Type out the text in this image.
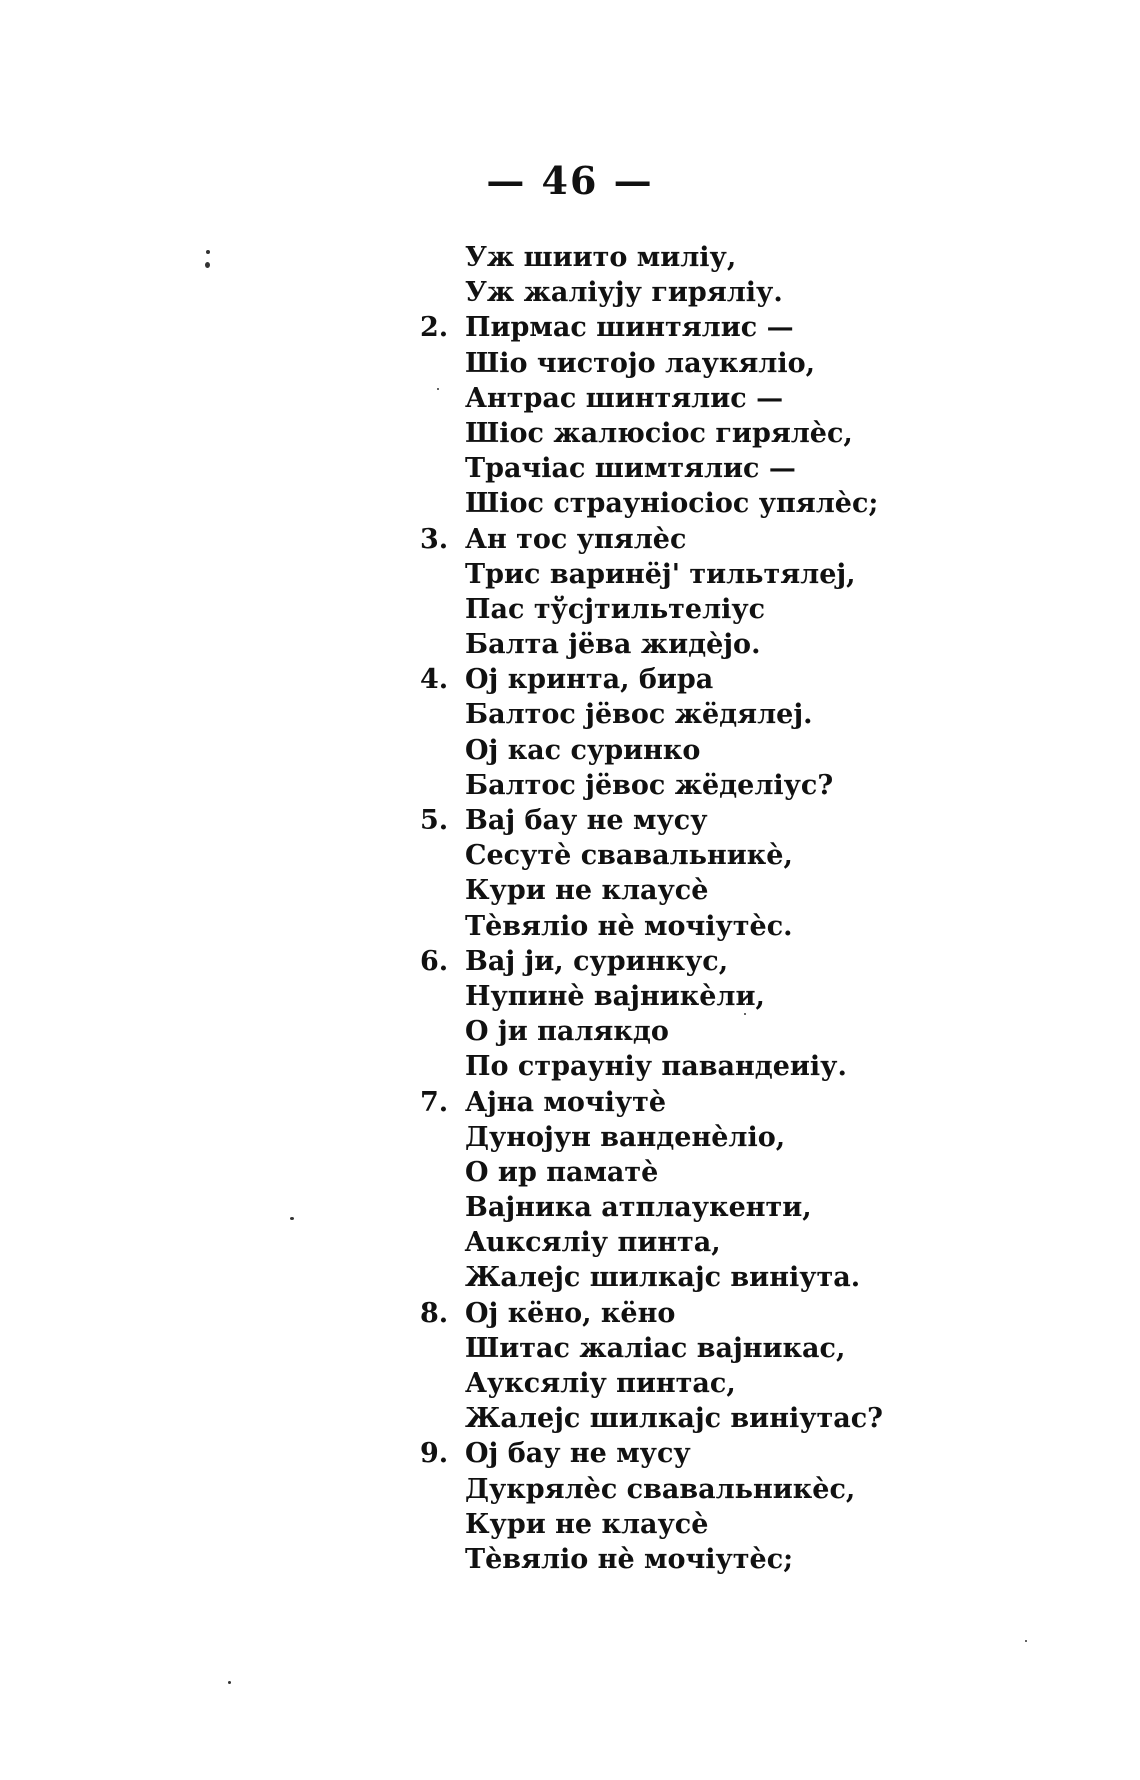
— 46 —
Уж шиито милiу,
Уж жалiуjу гирялiу.
2. Пирмас шинтялис —
Шiо чистоjо лаукялiо,
Антрас шинтялис —
Шiос жалюсiос гирялѐс,
Трачiас шимтялис —
Шiос страунiосiос упялѐс;
3. Ан тос упялѐс
Трис варинёj' тильтялеj,
Пас тўсjтильтелiус
Балта jёва жидѐjо.
4. Оj кринта, бира
Балтос jёвос жёдялеj.
Оj кас суринко
Балтос jёвос жёделiус?
5. Ваj бау не мусу
Сесутѐ свавальникѐ,
Кури не клаусѐ
Тѐвялiо нѐ мочiутѐс.
6. Ваj ји, суринкус,
Нупинѐ ваjникѐли,
О ји палякдо
По страунiу павандеиiу.
7. Аjна мочiутѐ
Дунојун ванденѐлiо,
О ир паматѐ
Ваjника атплаукенти,
Auксялiу пинта,
Жалеjс шилкаjс винiута.
8. Оj кёно, кёно
Шитас жалiас ваjникас,
Аукcялiу пинтас,
Жалеjс шилкаjс винiутас?
9. Оj бау не мусу
Дукрялѐс свавальникѐс,
Кури не клаусѐ
Тѐвялiо нѐ мочiутѐс;
